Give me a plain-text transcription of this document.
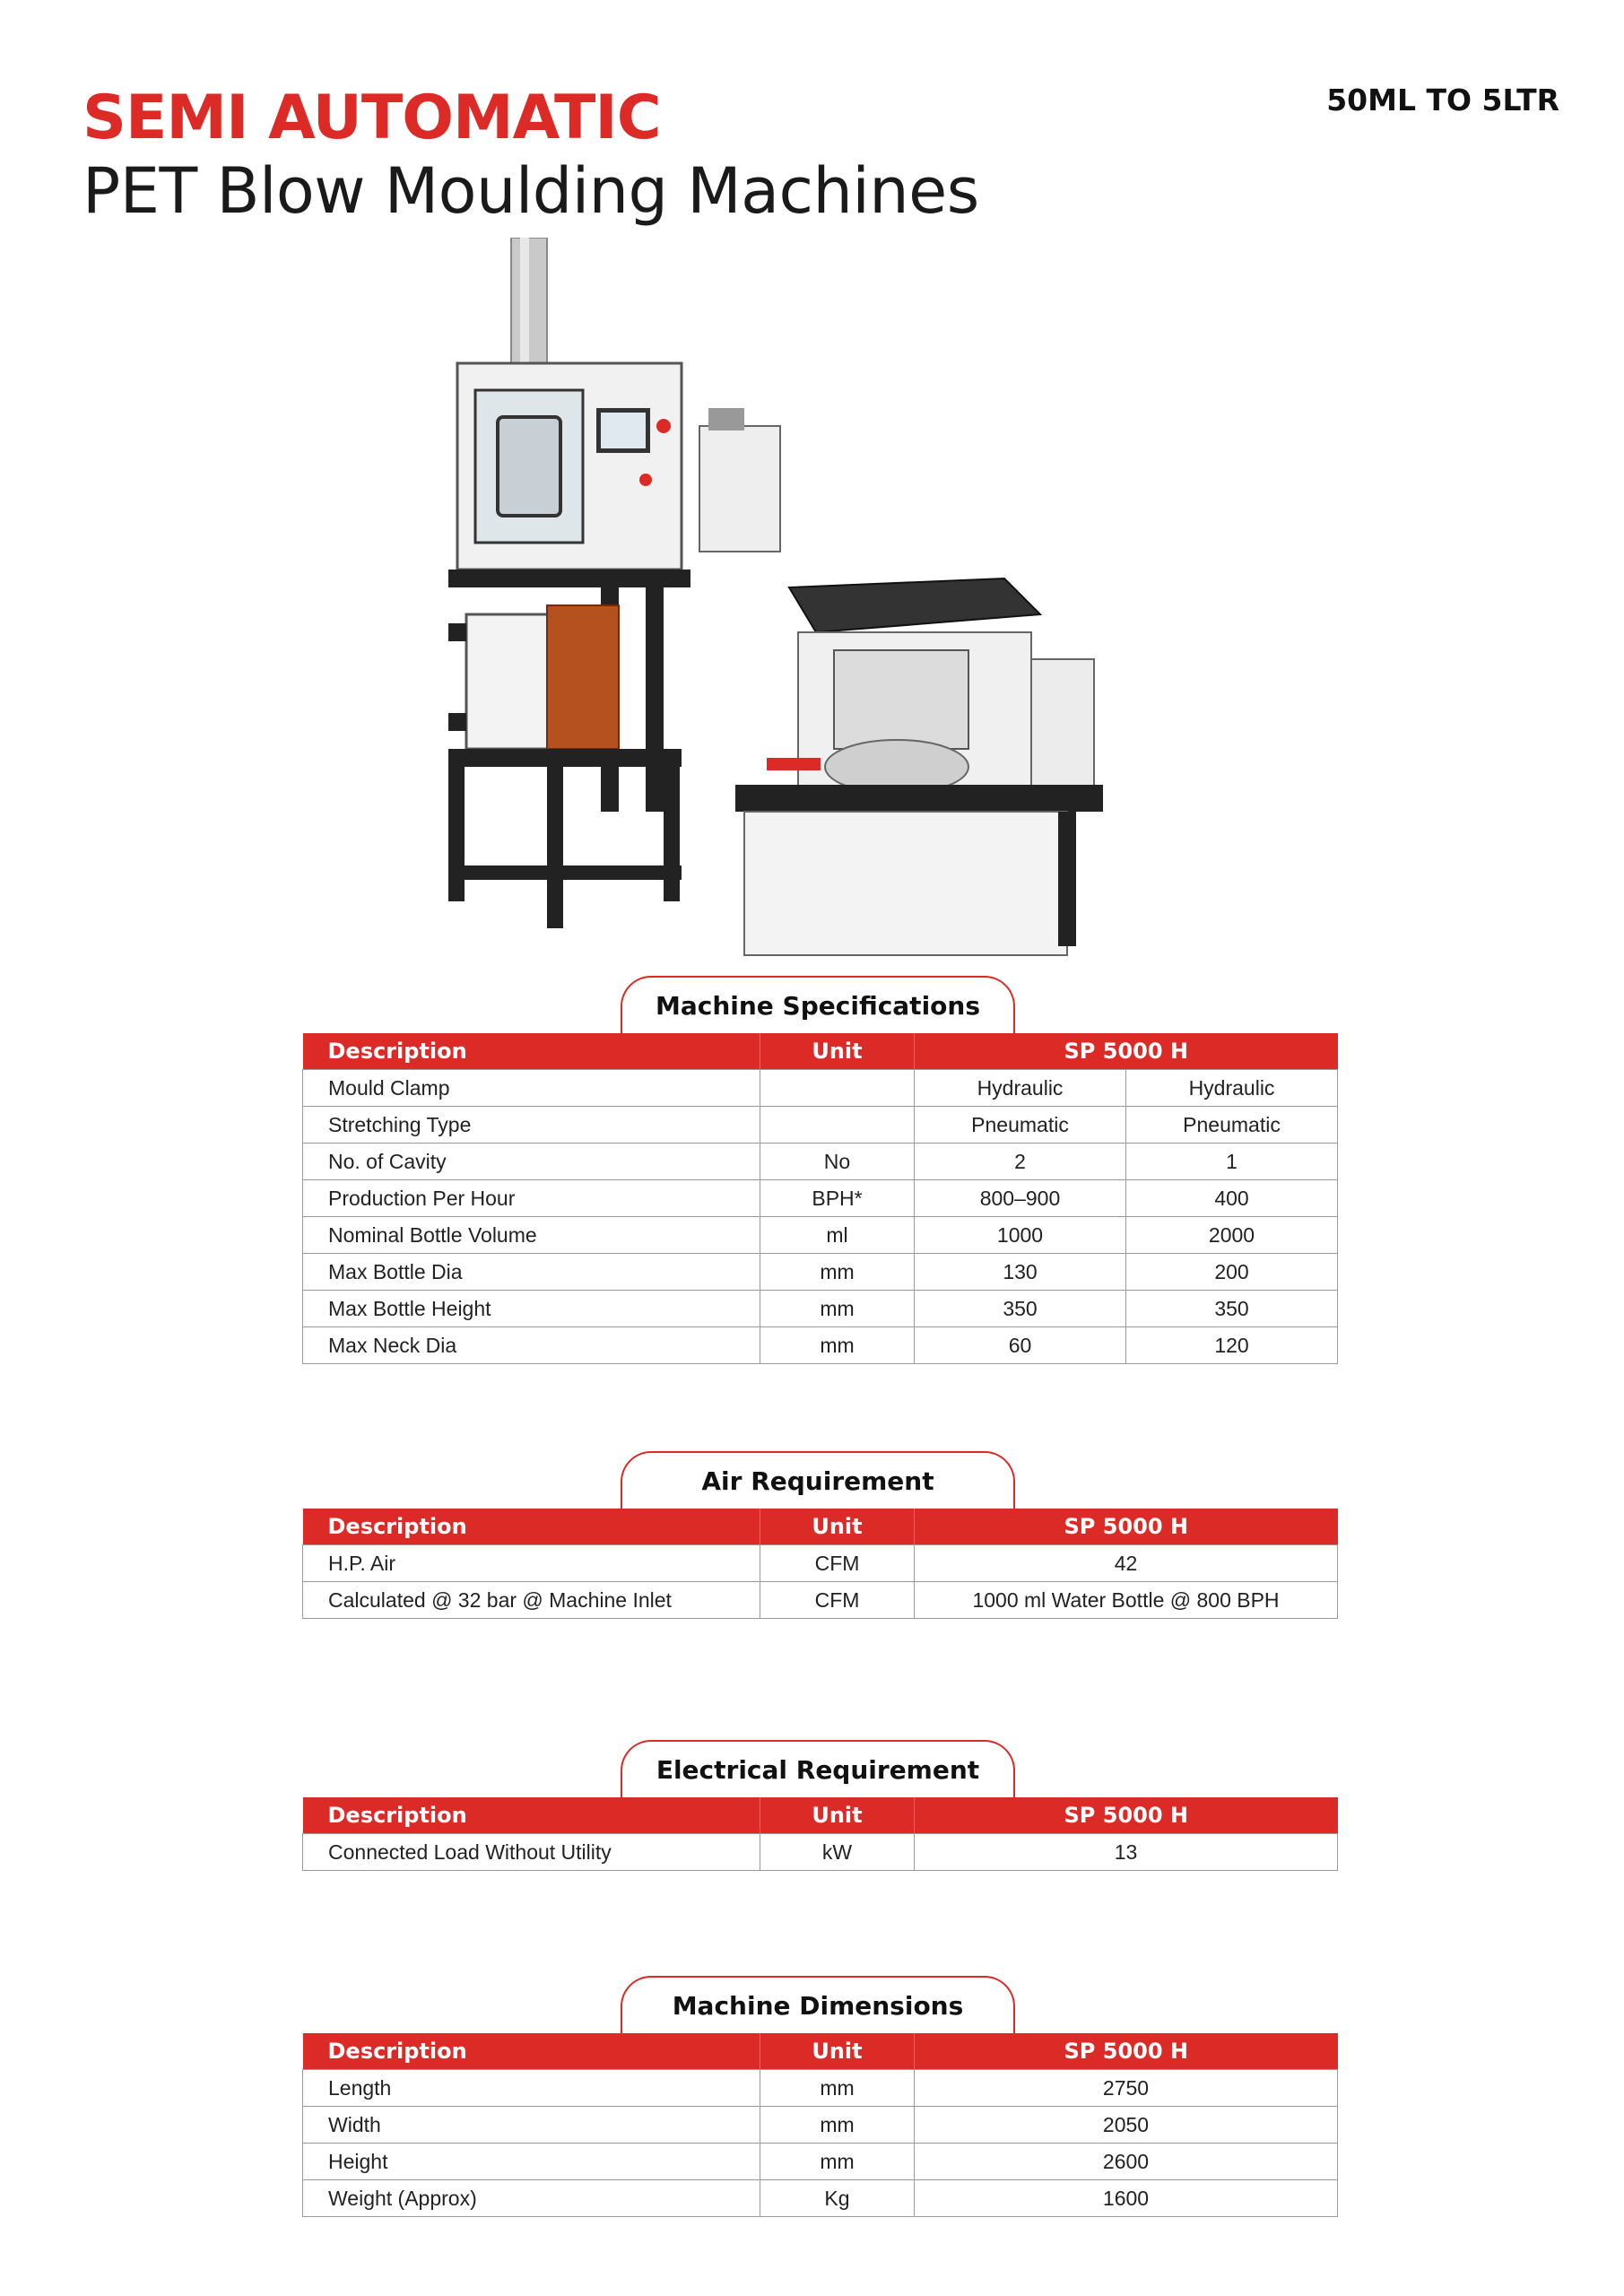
SEMI AUTOMATIC
PET Blow Moulding Machines
50ML TO 5LTR
Machine Specifications
Description	Unit	SP 5000 H	
Mould Clamp		Hydraulic	Hydraulic
Stretching Type		Pneumatic	Pneumatic
No. of Cavity	No	2	1
Production Per Hour	BPH*	800–900	400
Nominal Bottle Volume	ml	1000	2000
Max Bottle Dia	mm	130	200
Max Bottle Height	mm	350	350
Max Neck Dia	mm	60	120
Air Requirement
Description	Unit	SP 5000 H
H.P. Air	CFM	42
Calculated @ 32 bar @ Machine Inlet	CFM	1000 ml Water Bottle @ 800 BPH
Electrical Requirement
Description	Unit	SP 5000 H
Connected Load Without Utility	kW	13
Machine Dimensions
Description	Unit	SP 5000 H
Length	mm	2750
Width	mm	2050
Height	mm	2600
Weight (Approx)	Kg	1600
